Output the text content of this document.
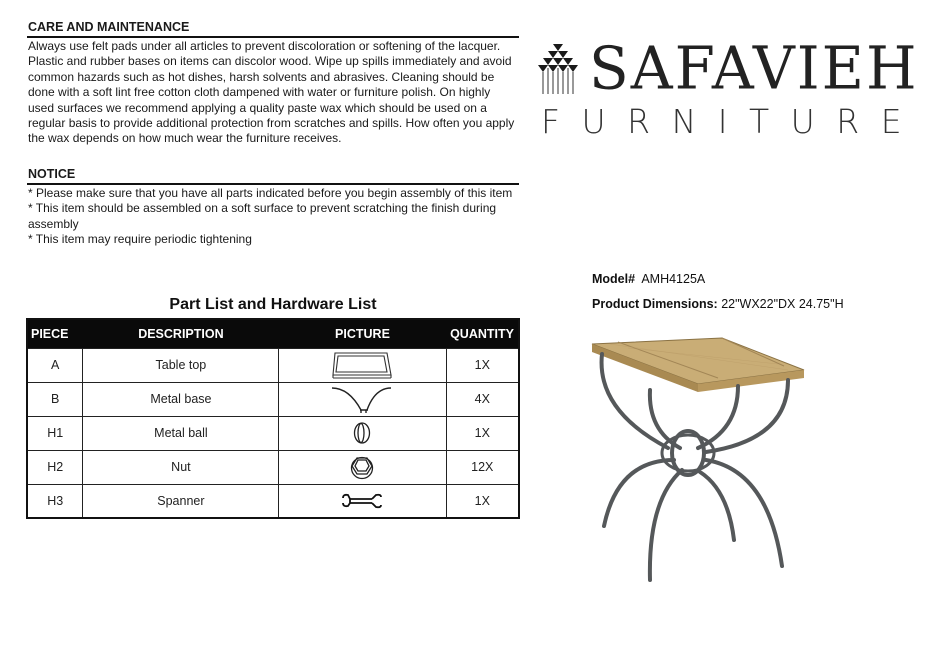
CARE AND MAINTENANCE
Always use felt pads under all articles to prevent discoloration or softening of the lacquer. Plastic and rubber bases on items can discolor wood. Wipe up spills immediately and avoid common hazards such as hot dishes, harsh solvents and abrasives. Cleaning should be done with a soft lint free cotton cloth dampened with water or furniture polish. On highly used surfaces we recommend applying a quality paste wax which should be used on a regular basis to provide additional protection from scratches and spills. How often you apply the wax depends on how much wear the furniture receives.
NOTICE
* Please make sure that you have all parts indicated before you begin assembly of this item
* This item should be assembled on a soft surface to prevent scratching the finish during assembly
* This item may require periodic tightening
SAFAVIEH
FURNITURE
Model# AMH4125A
Product Dimensions: 22"WX22"DX 24.75"H
Part List and Hardware List
PIECE	DESCRIPTION	PICTURE	QUANTITY
A	Table top		1X
B	Metal base		4X
H1	Metal ball		1X
H2	Nut		12X
H3	Spanner		1X
